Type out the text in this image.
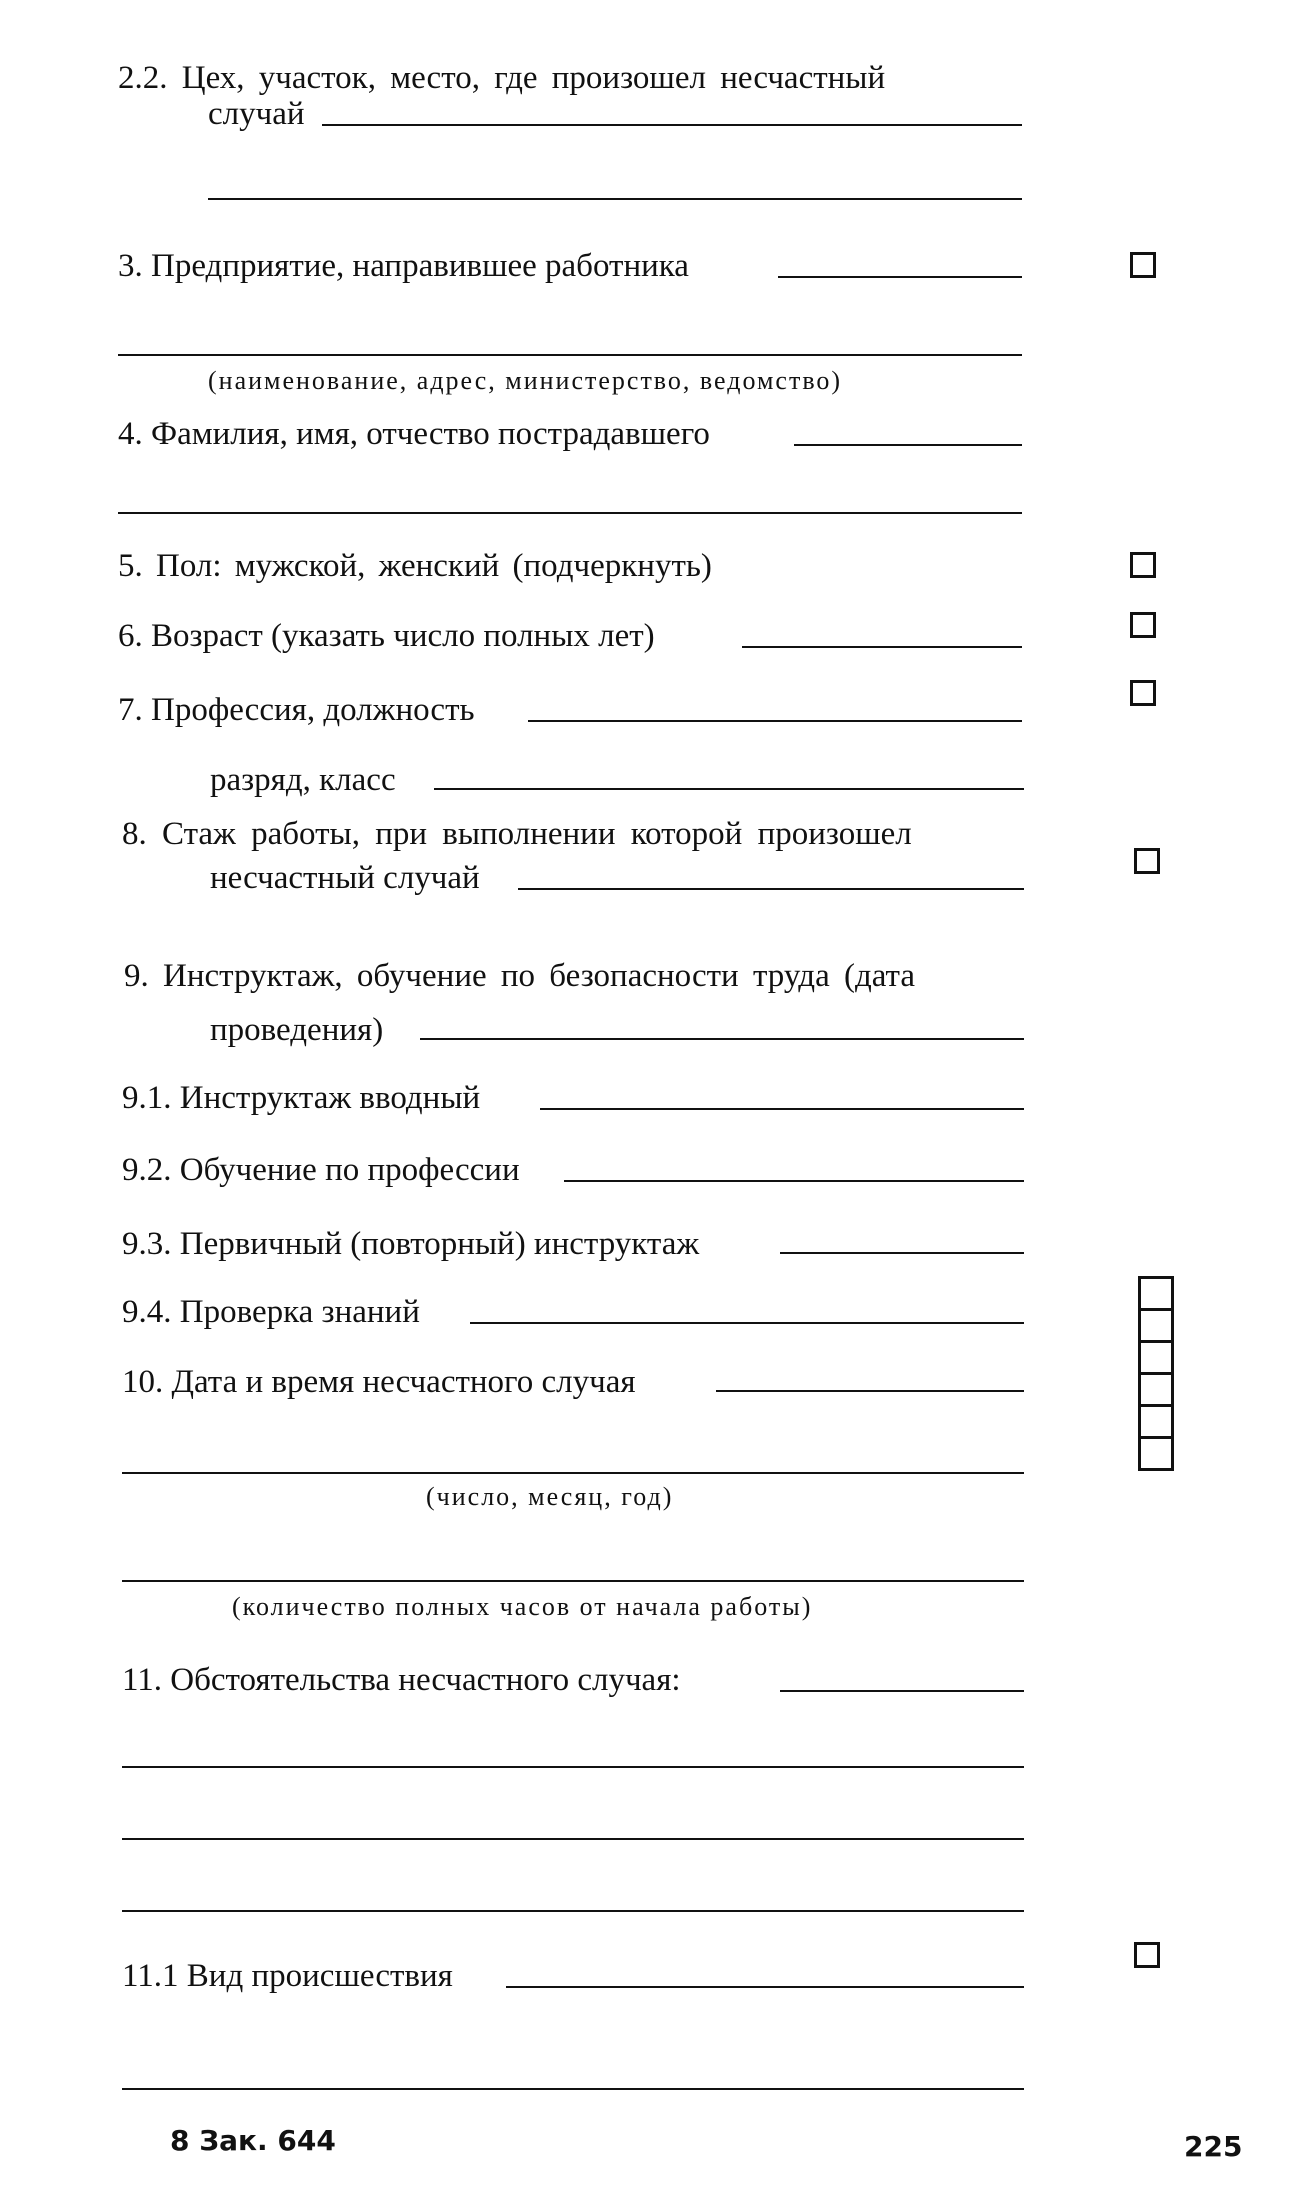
2.2. Цех, участок, место, где произошел несчастный
случай
3. Предприятие, направившее работника
(наименование, адрес, министерство, ведомство)
4. Фамилия, имя, отчество пострадавшего
5. Пол: мужской, женский (подчеркнуть)
6. Возраст (указать число полных лет)
7. Профессия, должность
разряд, класс
8. Стаж работы, при выполнении которой произошел
несчастный случай
9. Инструктаж, обучение по безопасности труда (дата
проведения)
9.1. Инструктаж вводный
9.2. Обучение по профессии
9.3. Первичный (повторный) инструктаж
9.4. Проверка знаний
10. Дата и время несчастного случая
(число, месяц, год)
(количество полных часов от начала работы)
11. Обстоятельства несчастного случая:
11.1 Вид происшествия
8 Зак. 644	225
